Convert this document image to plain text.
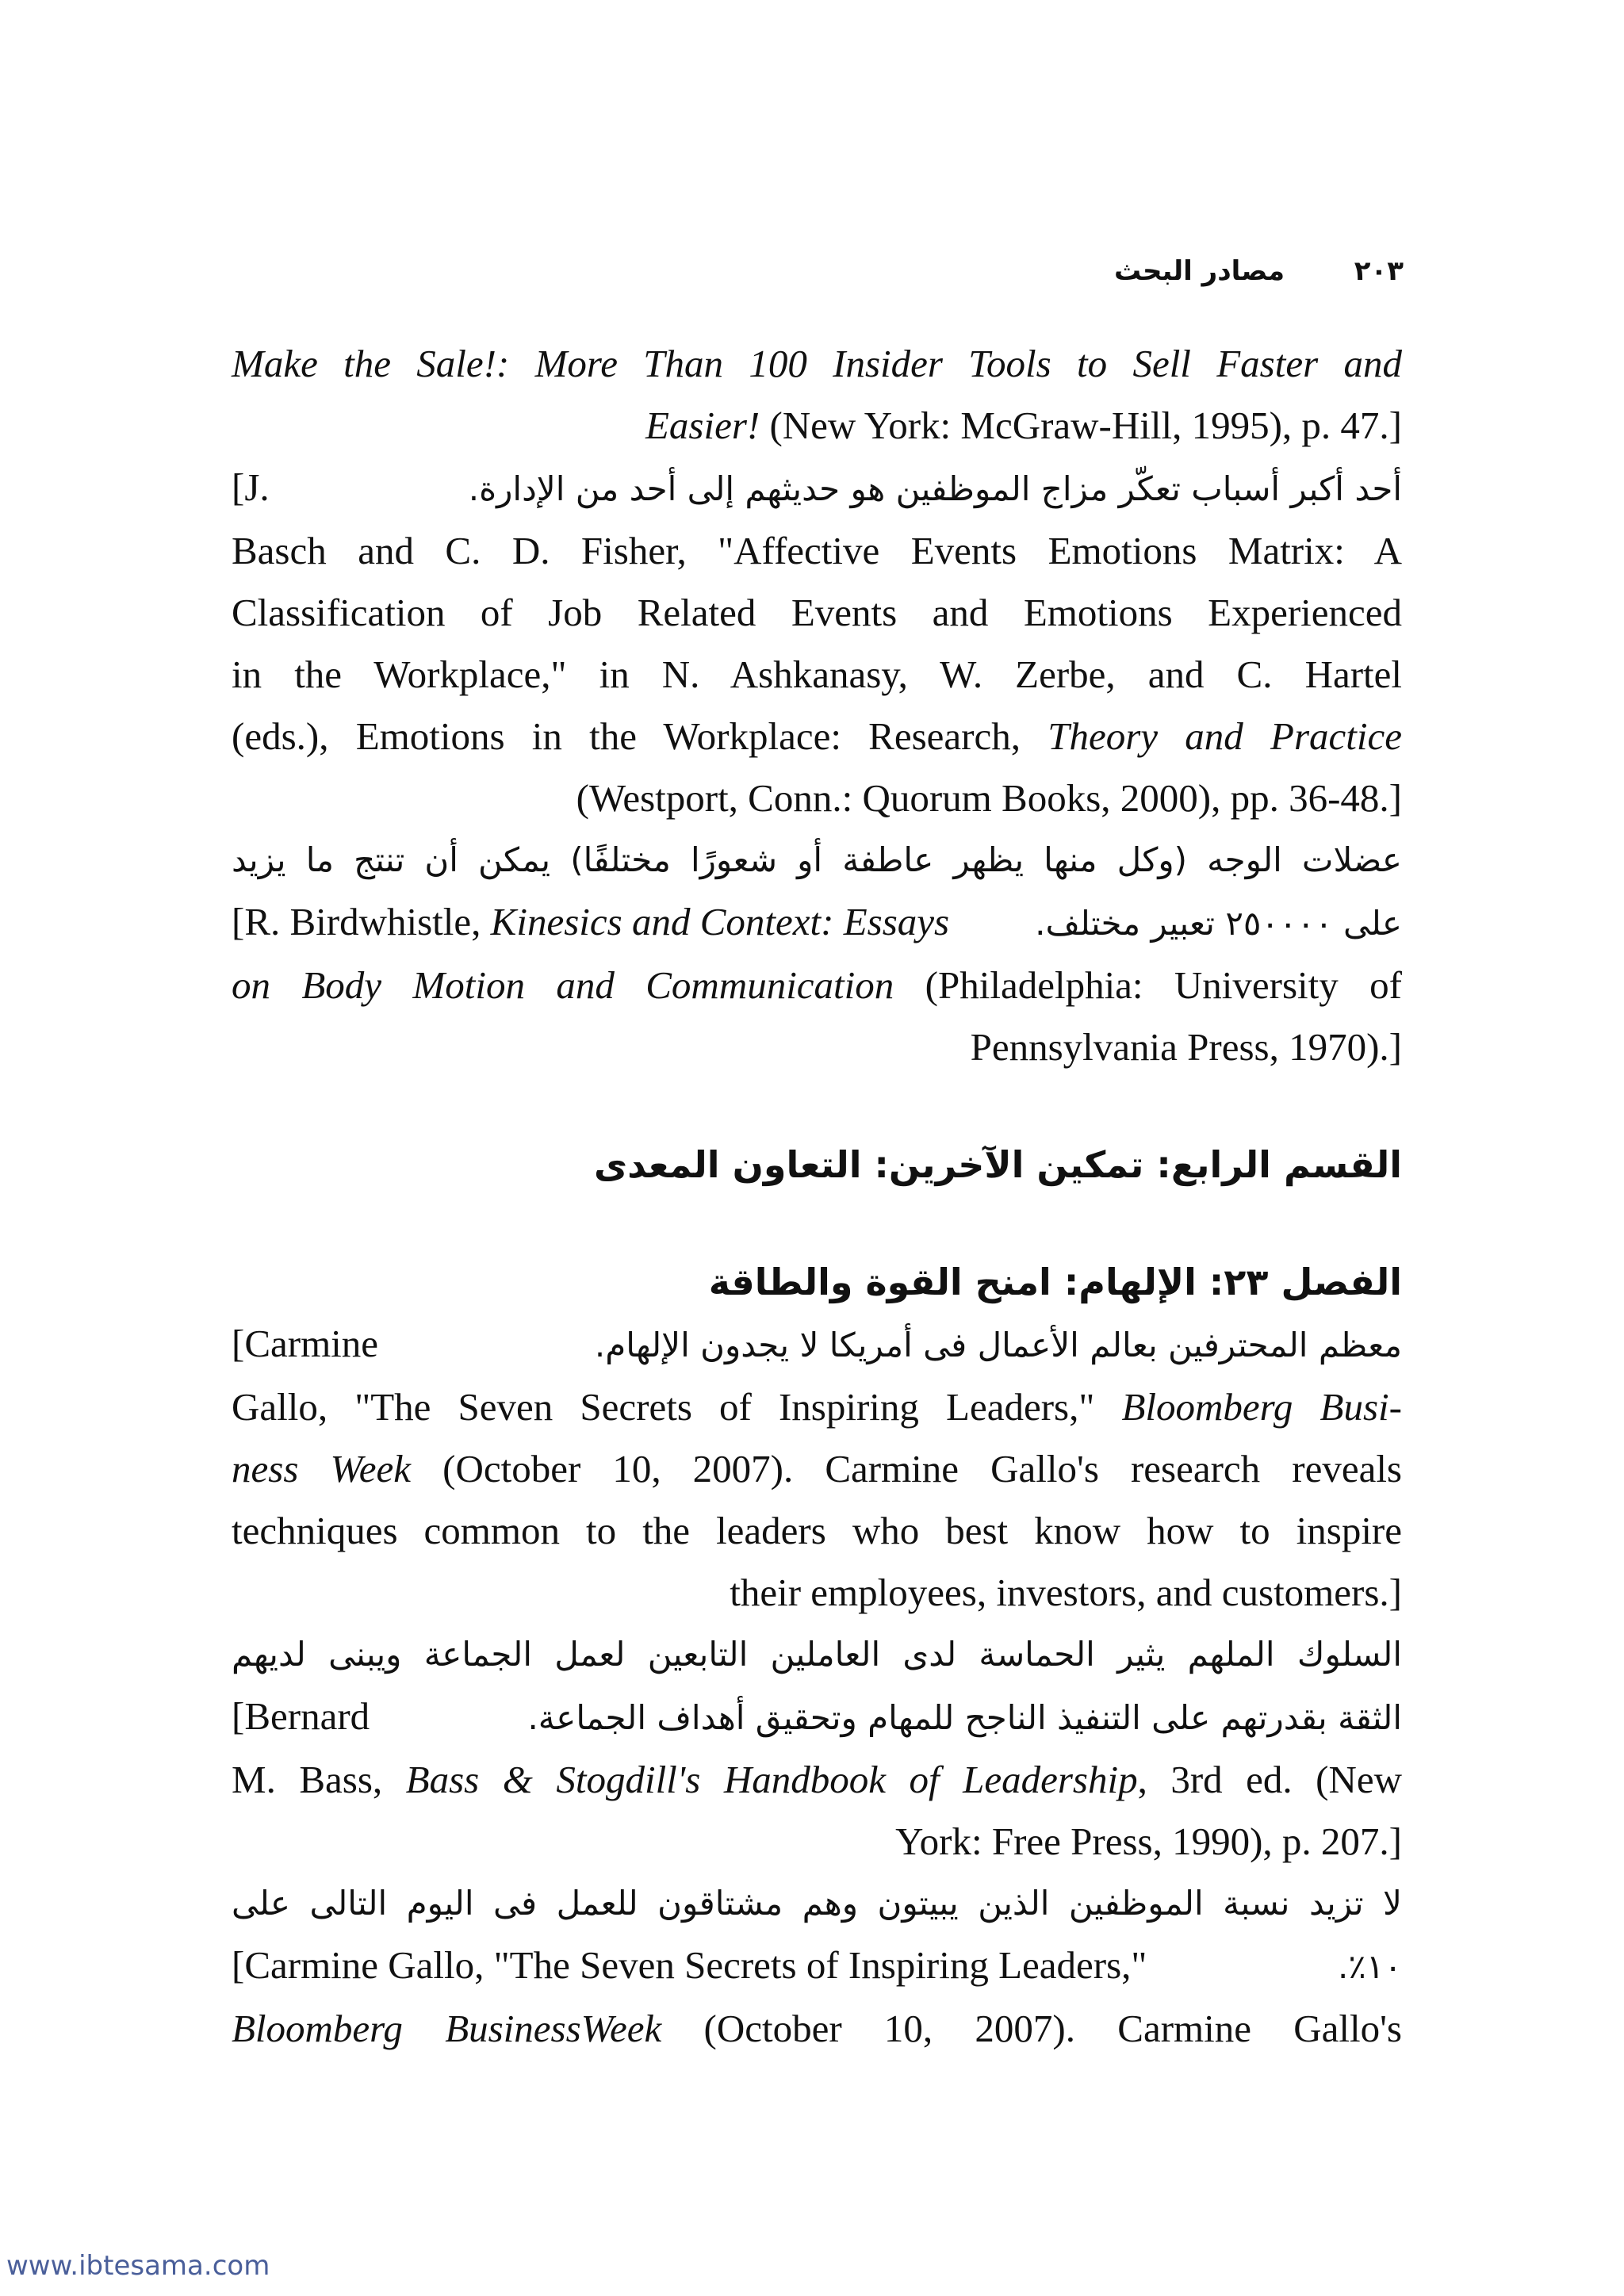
مصادر البحث	٢٠٣
Make the Sale!: More Than 100 Insider Tools to Sell Faster and
Easier! (New York: McGraw-Hill, 1995), p. 47.]
[J.	أحد أكبر أسباب تعكّر مزاج الموظفين هو حديثهم إلى أحد من الإدارة.
Basch and C. D. Fisher, "Affective Events Emotions Matrix: A
Classification of Job Related Events and Emotions Experienced
in the Workplace," in N. Ashkanasy, W. Zerbe, and C. Hartel
(eds.), Emotions in the Workplace: Research, Theory and Practice
(Westport, Conn.: Quorum Books, 2000), pp. 36-48.]
عضلات الوجه (وكل منها يظهر عاطفة أو شعورًا مختلفًا) يمكن أن تنتج ما يزيد
[R. Birdwhistle, Kinesics and Context: Essays	على ٢٥٠٠٠٠ تعبير مختلف.
on Body Motion and Communication (Philadelphia: University of
Pennsylvania Press, 1970).]
القسم الرابع: تمكين الآخرين: التعاون المعدى
الفصل ٢٣: الإلهام: امنح القوة والطاقة
[Carmine	معظم المحترفين بعالم الأعمال فى أمريكا لا يجدون الإلهام.
Gallo, "The Seven Secrets of Inspiring Leaders," Bloomberg Busi-
ness Week (October 10, 2007). Carmine Gallo's research reveals
techniques common to the leaders who best know how to inspire
their employees, investors, and customers.]
السلوك الملهم يثير الحماسة لدى العاملين التابعين لعمل الجماعة ويبنى لديهم
[Bernard	الثقة بقدرتهم على التنفيذ الناجح للمهام وتحقيق أهداف الجماعة.
M. Bass, Bass & Stogdill's Handbook of Leadership, 3rd ed. (New
York: Free Press, 1990), p. 207.]
لا تزيد نسبة الموظفين الذين يبيتون وهم مشتاقون للعمل فى اليوم التالى على
[Carmine Gallo, "The Seven Secrets of Inspiring Leaders,"	١٠٪.
Bloomberg BusinessWeek (October 10, 2007). Carmine Gallo's
www.ibtesama.com
